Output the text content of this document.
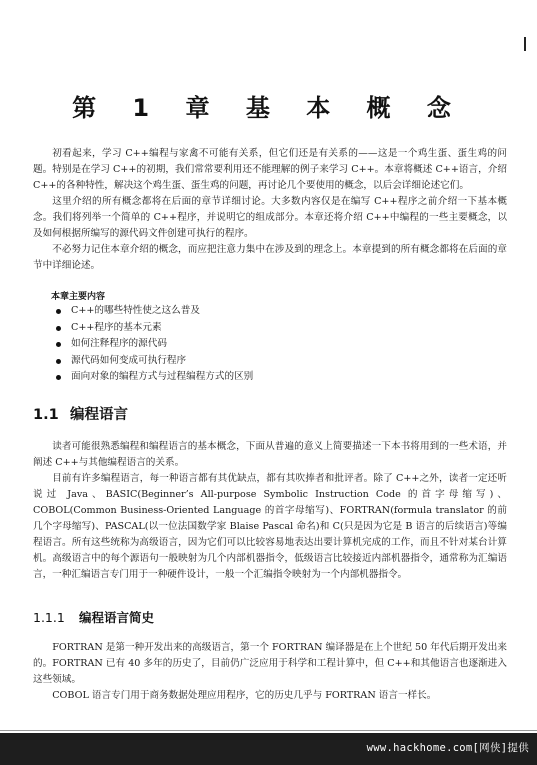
第 1 章 基 本 概 念

初看起来，学习 C++编程与家禽不可能有关系，但它们还是有关系的——这是一个鸡生蛋、蛋生鸡的问题。特别是在学习 C++的初期，我们常常要利用还不能理解的例子来学习 C++。本章将概述 C++语言，介绍 C++的各种特性，解决这个鸡生蛋、蛋生鸡的问题，再讨论几个要使用的概念，以后会详细论述它们。

这里介绍的所有概念都将在后面的章节详细讨论。大多数内容仅是在编写 C++程序之前介绍一下基本概念。我们将列举一个简单的 C++程序，并说明它的组成部分。本章还将介绍 C++中编程的一些主要概念，以及如何根据所编写的源代码文件创建可执行的程序。

不必努力记住本章介绍的概念，而应把注意力集中在涉及到的理念上。本章提到的所有概念都将在后面的章节中详细论述。

本章主要内容
C++的哪些特性使之这么普及
C++程序的基本元素
如何注释程序的源代码
源代码如何变成可执行程序
面向对象的编程方式与过程编程方式的区别
1.1 编程语言

读者可能很熟悉编程和编程语言的基本概念，下面从普遍的意义上简要描述一下本书将用到的一些术语，并阐述 C++与其他编程语言的关系。

目前有许多编程语言，每一种语言都有其优缺点，都有其吹捧者和批评者。除了 C++之外，读者一定还听说过 Java、BASIC(Beginner’s All-purpose Symbolic Instruction Code 的首字母缩写)、COBOL(Common Business-Oriented Language 的首字母缩写)、FORTRAN(formula translator 的前几个字母缩写)、PASCAL(以一位法国数学家 Blaise Pascal 命名)和 C(只是因为它是 B 语言的后续语言)等编程语言。所有这些统称为高级语言，因为它们可以比较容易地表达出要计算机完成的工作，而且不针对某台计算机。高级语言中的每个源语句一般映射为几个内部机器指令，低级语言比较接近内部机器指令，通常称为汇编语言，一种汇编语言专门用于一种硬件设计，一般一个汇编指令映射为一个内部机器指令。

1.1.1 编程语言简史

FORTRAN 是第一种开发出来的高级语言，第一个 FORTRAN 编译器是在上个世纪 50 年代后期开发出来的。FORTRAN 已有 40 多年的历史了，目前仍广泛应用于科学和工程计算中，但 C++和其他语言也逐渐进入这些领域。

COBOL 语言专门用于商务数据处理应用程序，它的历史几乎与 FORTRAN 语言一样长。

www.hackhome.com[网侠]提供
